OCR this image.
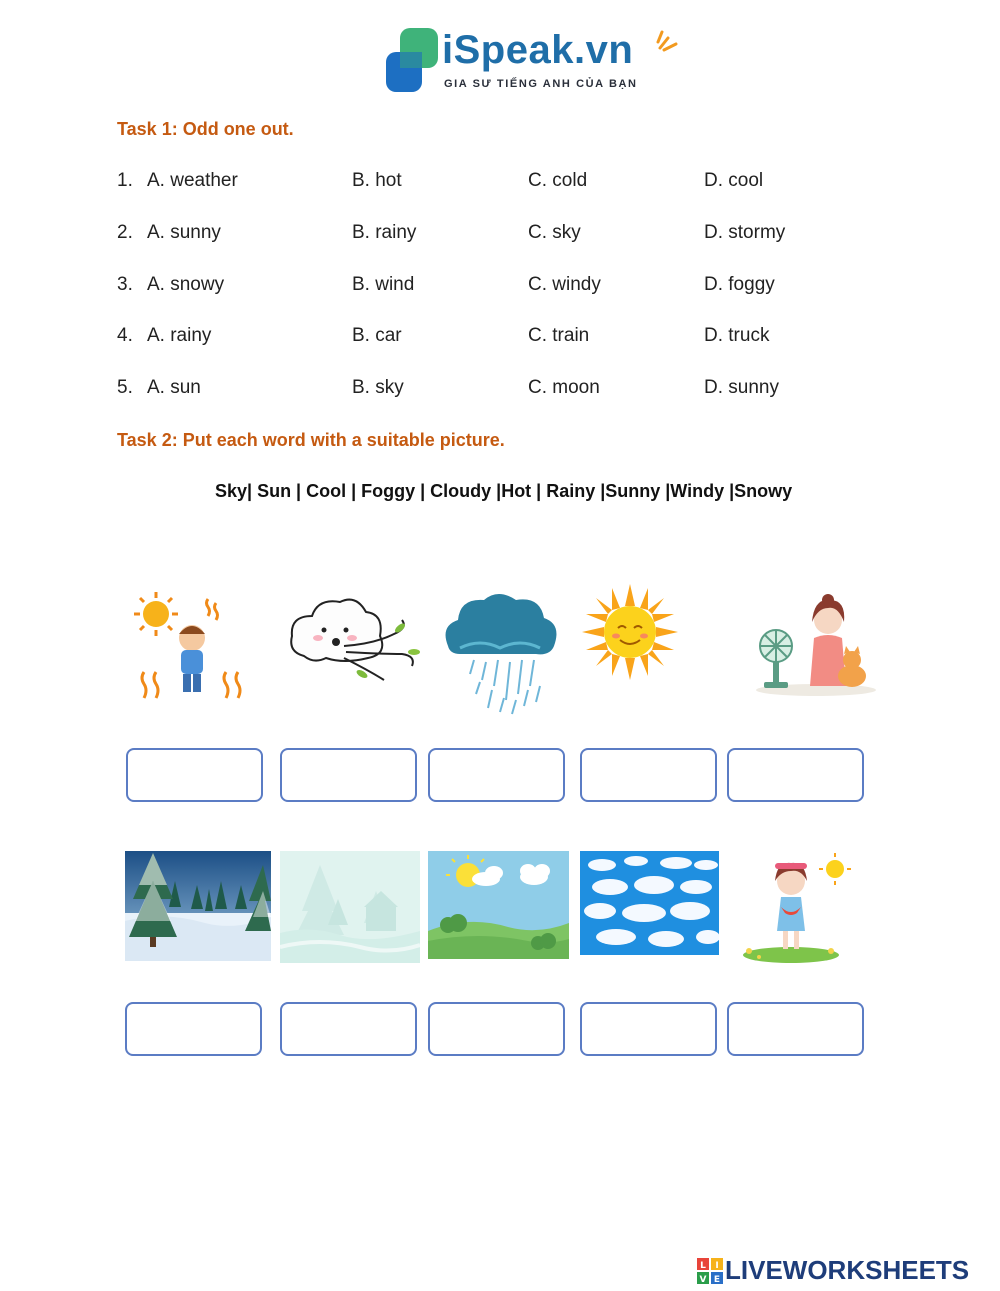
iSpeak.vn
GIA SƯ TIẾNG ANH CỦA BẠN
Task 1: Odd one out.
1. A. weather	B. hot	C. cold	D. cool
2. A. sunny	B. rainy	C. sky	D. stormy
3. A. snowy	B. wind	C. windy	D. foggy
4. A. rainy	B. car	C. train	D. truck
5. A. sun	B. sky	C. moon	D. sunny
Task 2: Put each word with a suitable picture.
Sky| Sun | Cool | Foggy | Cloudy |Hot | Rainy |Sunny |Windy |Snowy
L I
V E LIVEWORKSHEETS
